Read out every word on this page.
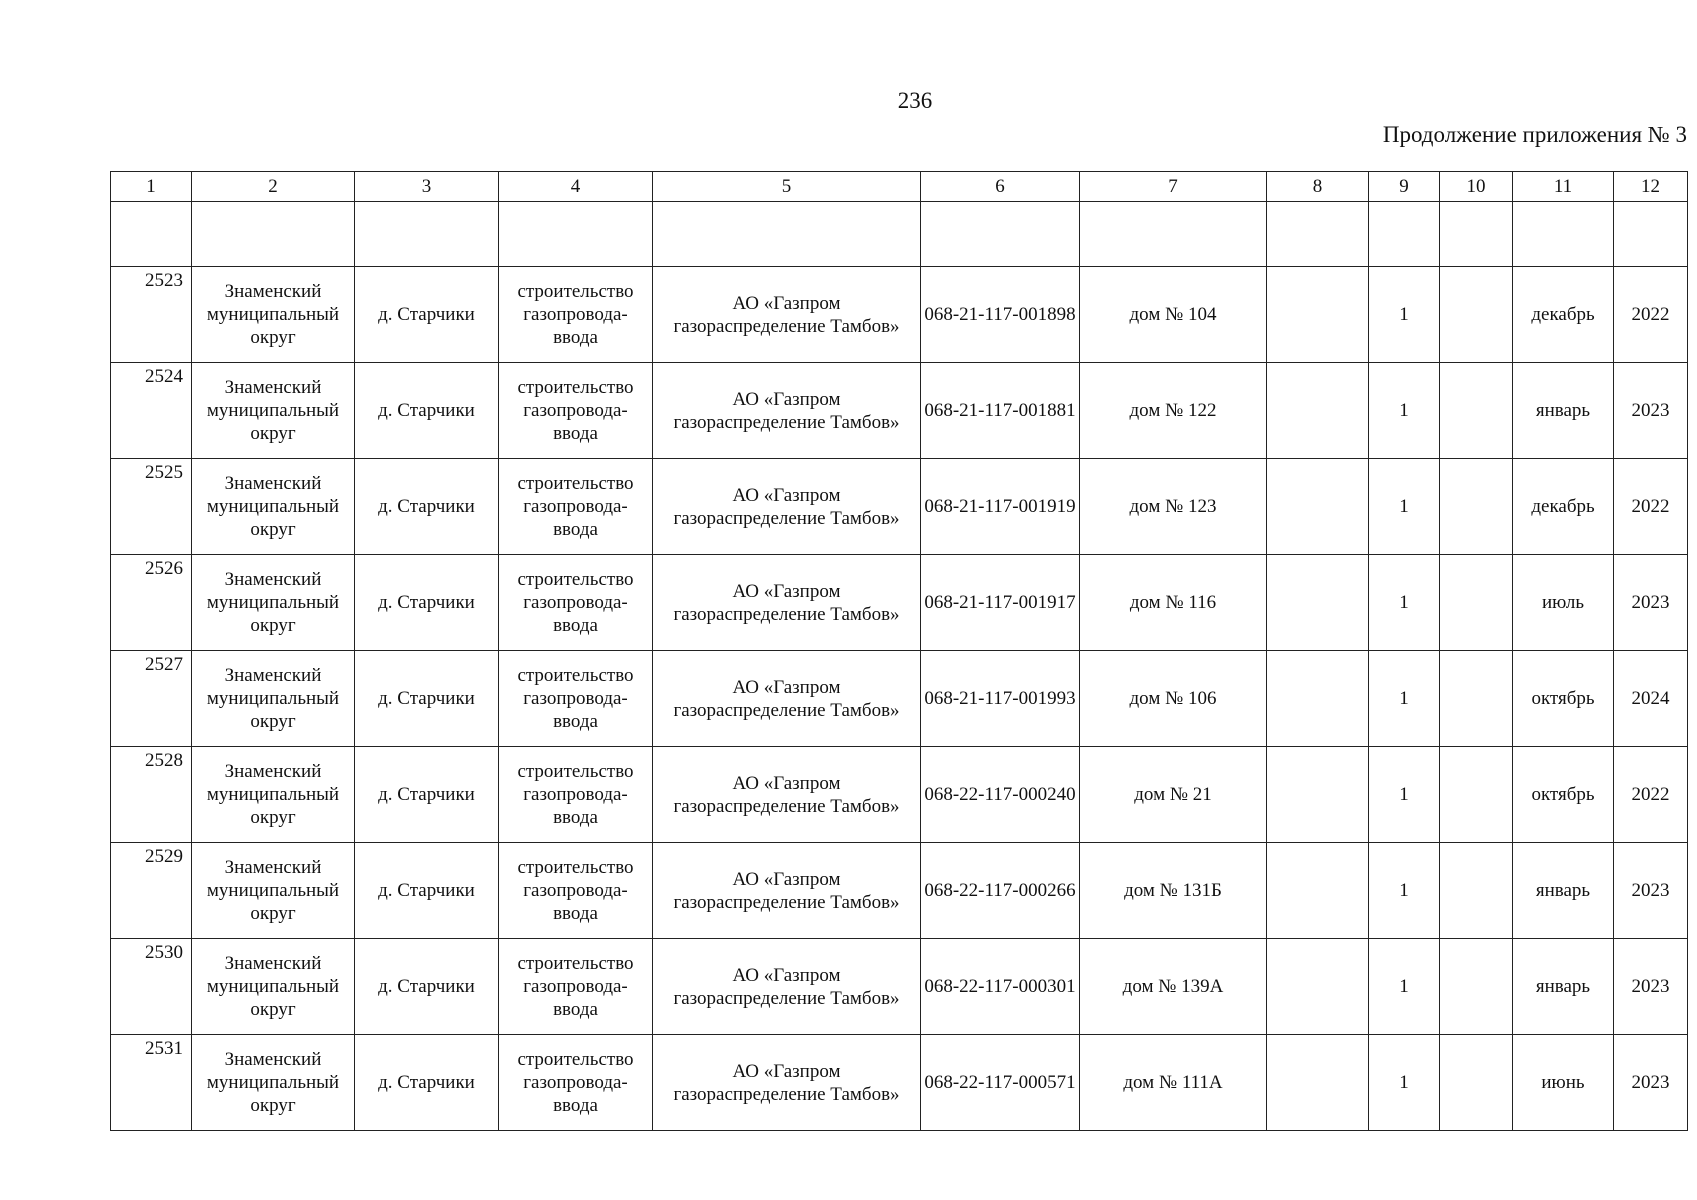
236
Продолжение приложения № 3
1	2	3	4	5	6	7	8	9	10	11	12

2523	Знаменский муниципальный округ	д. Старчики	строительство газопровода-ввода	АО «Газпром газораспределение Тамбов»	068-21-117-001898	дом № 104		1		декабрь	2022
2524	Знаменский муниципальный округ	д. Старчики	строительство газопровода-ввода	АО «Газпром газораспределение Тамбов»	068-21-117-001881	дом № 122		1		январь	2023
2525	Знаменский муниципальный округ	д. Старчики	строительство газопровода-ввода	АО «Газпром газораспределение Тамбов»	068-21-117-001919	дом № 123		1		декабрь	2022
2526	Знаменский муниципальный округ	д. Старчики	строительство газопровода-ввода	АО «Газпром газораспределение Тамбов»	068-21-117-001917	дом № 116		1		июль	2023
2527	Знаменский муниципальный округ	д. Старчики	строительство газопровода-ввода	АО «Газпром газораспределение Тамбов»	068-21-117-001993	дом № 106		1		октябрь	2024
2528	Знаменский муниципальный округ	д. Старчики	строительство газопровода-ввода	АО «Газпром газораспределение Тамбов»	068-22-117-000240	дом № 21		1		октябрь	2022
2529	Знаменский муниципальный округ	д. Старчики	строительство газопровода-ввода	АО «Газпром газораспределение Тамбов»	068-22-117-000266	дом № 131Б		1		январь	2023
2530	Знаменский муниципальный округ	д. Старчики	строительство газопровода-ввода	АО «Газпром газораспределение Тамбов»	068-22-117-000301	дом № 139А		1		январь	2023
2531	Знаменский муниципальный округ	д. Старчики	строительство газопровода-ввода	АО «Газпром газораспределение Тамбов»	068-22-117-000571	дом № 111А		1		июнь	2023
